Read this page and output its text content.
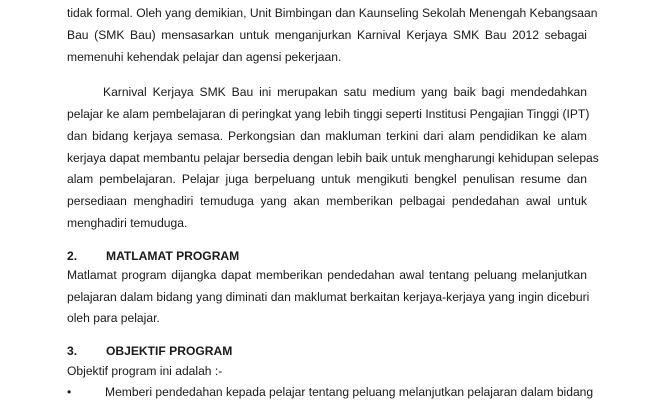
tidak formal. Oleh yang demikian, Unit Bimbingan dan Kaunseling Sekolah Menengah Kebangsaan
Bau (SMK Bau) mensasarkan untuk menganjurkan Karnival Kerjaya SMK Bau 2012 sebagai
memenuhi kehendak pelajar dan agensi pekerjaan.
Karnival Kerjaya SMK Bau ini merupakan satu medium yang baik bagi mendedahkan
pelajar ke alam pembelajaran di peringkat yang lebih tinggi seperti Institusi Pengajian Tinggi (IPT)
dan bidang kerjaya semasa. Perkongsian dan makluman terkini dari alam pendidikan ke alam
kerjaya dapat membantu pelajar bersedia dengan lebih baik untuk mengharungi kehidupan selepas
alam pembelajaran. Pelajar juga berpeluang untuk mengikuti bengkel penulisan resume dan
persediaan menghadiri temuduga yang akan memberikan pelbagai pendedahan awal untuk
menghadiri temuduga.
2. MATLAMAT PROGRAM
Matlamat program dijangka dapat memberikan pendedahan awal tentang peluang melanjutkan
pelajaran dalam bidang yang diminati dan maklumat berkaitan kerjaya-kerjaya yang ingin diceburi
oleh para pelajar.
3. OBJEKTIF PROGRAM
Objektif program ini adalah :-
•	Memberi pendedahan kepada pelajar tentang peluang melanjutkan pelajaran dalam bidang
